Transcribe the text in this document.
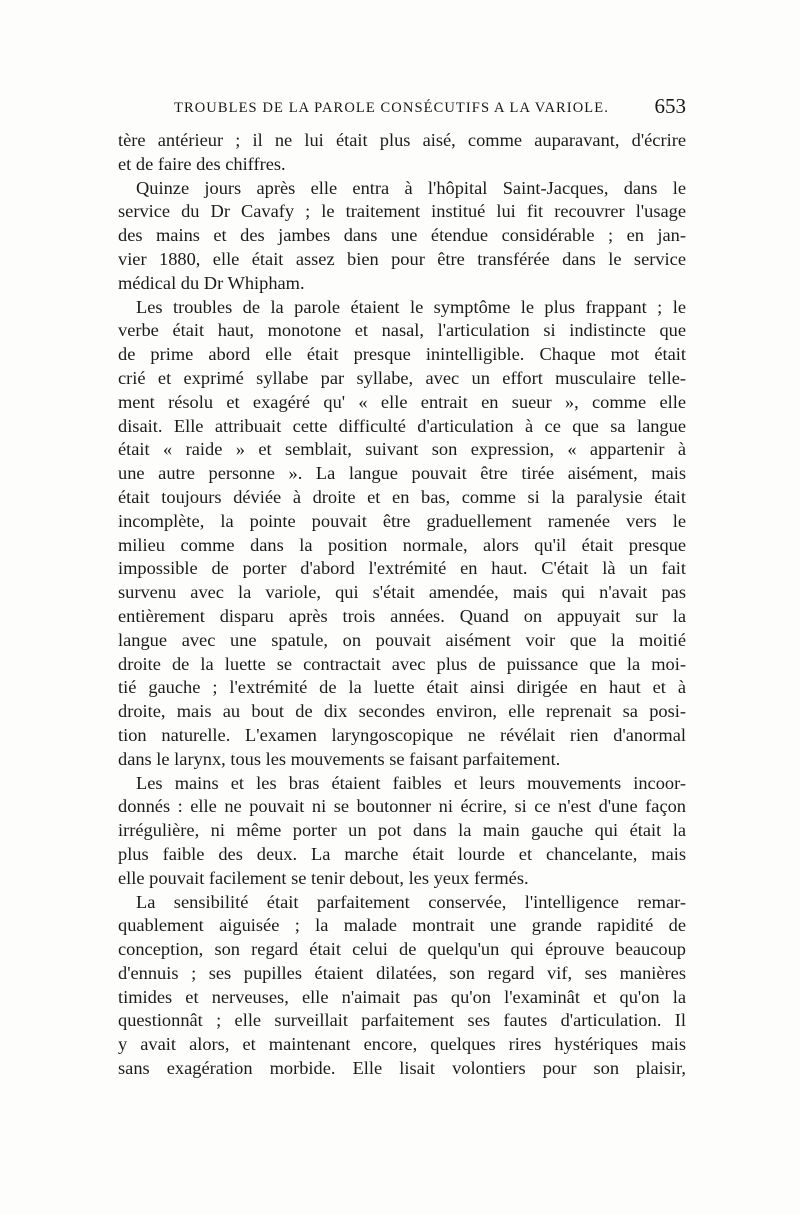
TROUBLES DE LA PAROLE CONSÉCUTIFS A LA VARIOLE. 653
tère antérieur ; il ne lui était plus aisé, comme auparavant, d'écrire
et de faire des chiffres.
Quinze jours après elle entra à l'hôpital Saint-Jacques, dans le
service du Dr Cavafy ; le traitement institué lui fit recouvrer l'usage
des mains et des jambes dans une étendue considérable ; en jan-
vier 1880, elle était assez bien pour être transférée dans le service
médical du Dr Whipham.
Les troubles de la parole étaient le symptôme le plus frappant ; le
verbe était haut, monotone et nasal, l'articulation si indistincte que
de prime abord elle était presque inintelligible. Chaque mot était
crié et exprimé syllabe par syllabe, avec un effort musculaire telle-
ment résolu et exagéré qu' « elle entrait en sueur », comme elle
disait. Elle attribuait cette difficulté d'articulation à ce que sa langue
était « raide » et semblait, suivant son expression, « appartenir à
une autre personne ». La langue pouvait être tirée aisément, mais
était toujours déviée à droite et en bas, comme si la paralysie était
incomplète, la pointe pouvait être graduellement ramenée vers le
milieu comme dans la position normale, alors qu'il était presque
impossible de porter d'abord l'extrémité en haut. C'était là un fait
survenu avec la variole, qui s'était amendée, mais qui n'avait pas
entièrement disparu après trois années. Quand on appuyait sur la
langue avec une spatule, on pouvait aisément voir que la moitié
droite de la luette se contractait avec plus de puissance que la moi-
tié gauche ; l'extrémité de la luette était ainsi dirigée en haut et à
droite, mais au bout de dix secondes environ, elle reprenait sa posi-
tion naturelle. L'examen laryngoscopique ne révélait rien d'anormal
dans le larynx, tous les mouvements se faisant parfaitement.
Les mains et les bras étaient faibles et leurs mouvements incoor-
donnés : elle ne pouvait ni se boutonner ni écrire, si ce n'est d'une façon
irrégulière, ni même porter un pot dans la main gauche qui était la
plus faible des deux. La marche était lourde et chancelante, mais
elle pouvait facilement se tenir debout, les yeux fermés.
La sensibilité était parfaitement conservée, l'intelligence remar-
quablement aiguisée ; la malade montrait une grande rapidité de
conception, son regard était celui de quelqu'un qui éprouve beaucoup
d'ennuis ; ses pupilles étaient dilatées, son regard vif, ses manières
timides et nerveuses, elle n'aimait pas qu'on l'examinât et qu'on la
questionnât ; elle surveillait parfaitement ses fautes d'articulation. Il
y avait alors, et maintenant encore, quelques rires hystériques mais
sans exagération morbide. Elle lisait volontiers pour son plaisir,
